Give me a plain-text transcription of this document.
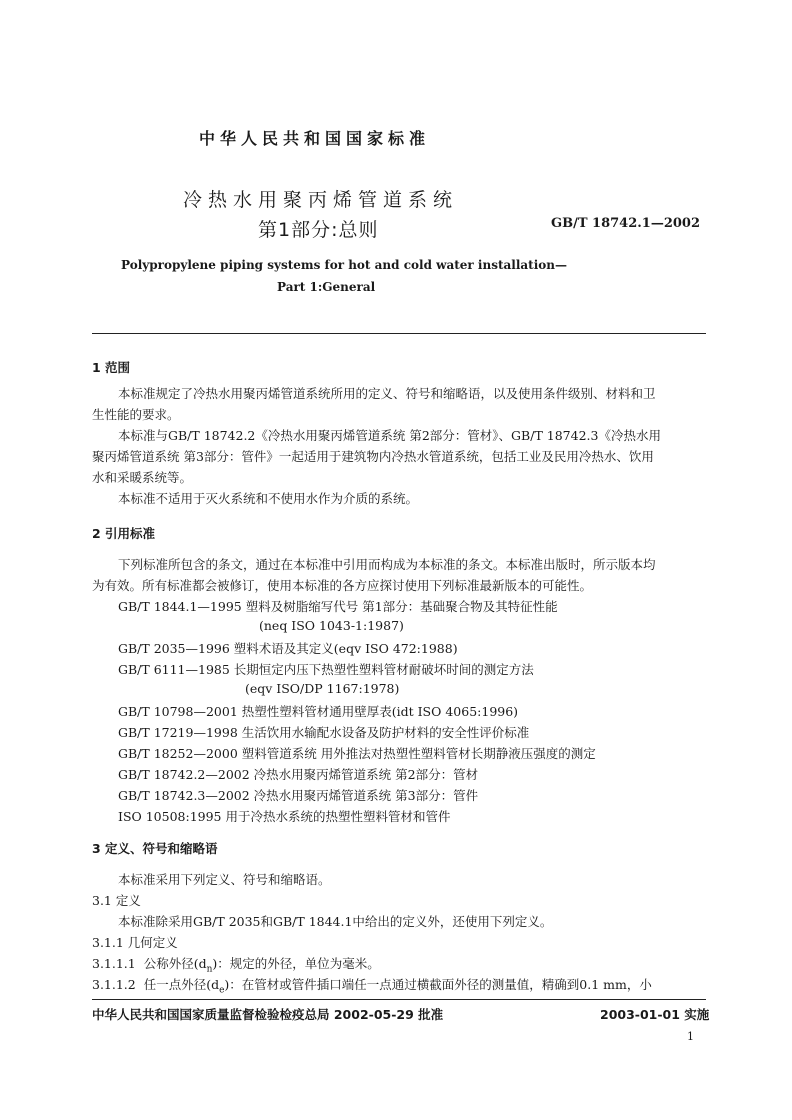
中华人民共和国国家标准
冷热水用聚丙烯管道系统
第1部分:总则	GB/T 18742.1—2002
Polypropylene piping systems for hot and cold water installation—
Part 1:General
1 范围
本标准规定了冷热水用聚丙烯管道系统所用的定义、符号和缩略语，以及使用条件级别、材料和卫
生性能的要求。
本标准与GB/T 18742.2《冷热水用聚丙烯管道系统 第2部分：管材》、GB/T 18742.3《冷热水用
聚丙烯管道系统 第3部分：管件》一起适用于建筑物内冷热水管道系统，包括工业及民用冷热水、饮用
水和采暖系统等。
本标准不适用于灭火系统和不使用水作为介质的系统。
2 引用标准
下列标准所包含的条文，通过在本标准中引用而构成为本标准的条文。本标准出版时，所示版本均
为有效。所有标准都会被修订，使用本标准的各方应探讨使用下列标准最新版本的可能性。
GB/T 1844.1—1995 塑料及树脂缩写代号 第1部分：基础聚合物及其特征性能
(neq ISO 1043-1:1987)
GB/T 2035—1996 塑料术语及其定义(eqv ISO 472:1988)
GB/T 6111—1985 长期恒定内压下热塑性塑料管材耐破坏时间的测定方法
(eqv ISO/DP 1167:1978)
GB/T 10798—2001 热塑性塑料管材通用壁厚表(idt ISO 4065:1996)
GB/T 17219—1998 生活饮用水输配水设备及防护材料的安全性评价标准
GB/T 18252—2000 塑料管道系统 用外推法对热塑性塑料管材长期静液压强度的测定
GB/T 18742.2—2002 冷热水用聚丙烯管道系统 第2部分：管材
GB/T 18742.3—2002 冷热水用聚丙烯管道系统 第3部分：管件
ISO 10508:1995 用于冷热水系统的热塑性塑料管材和管件
3 定义、符号和缩略语
本标准采用下列定义、符号和缩略语。
3.1 定义
本标准除采用GB/T 2035和GB/T 1844.1中给出的定义外，还使用下列定义。
3.1.1 几何定义
3.1.1.1 公称外径$(d_n)$：规定的外径，单位为毫米。
3.1.1.2 任一点外径$(d_e)$：在管材或管件插口端任一点通过横截面外径的测量值，精确到0.1 mm，小
中华人民共和国国家质量监督检验检疫总局 2002-05-29 批准	2003-01-01 实施
1
